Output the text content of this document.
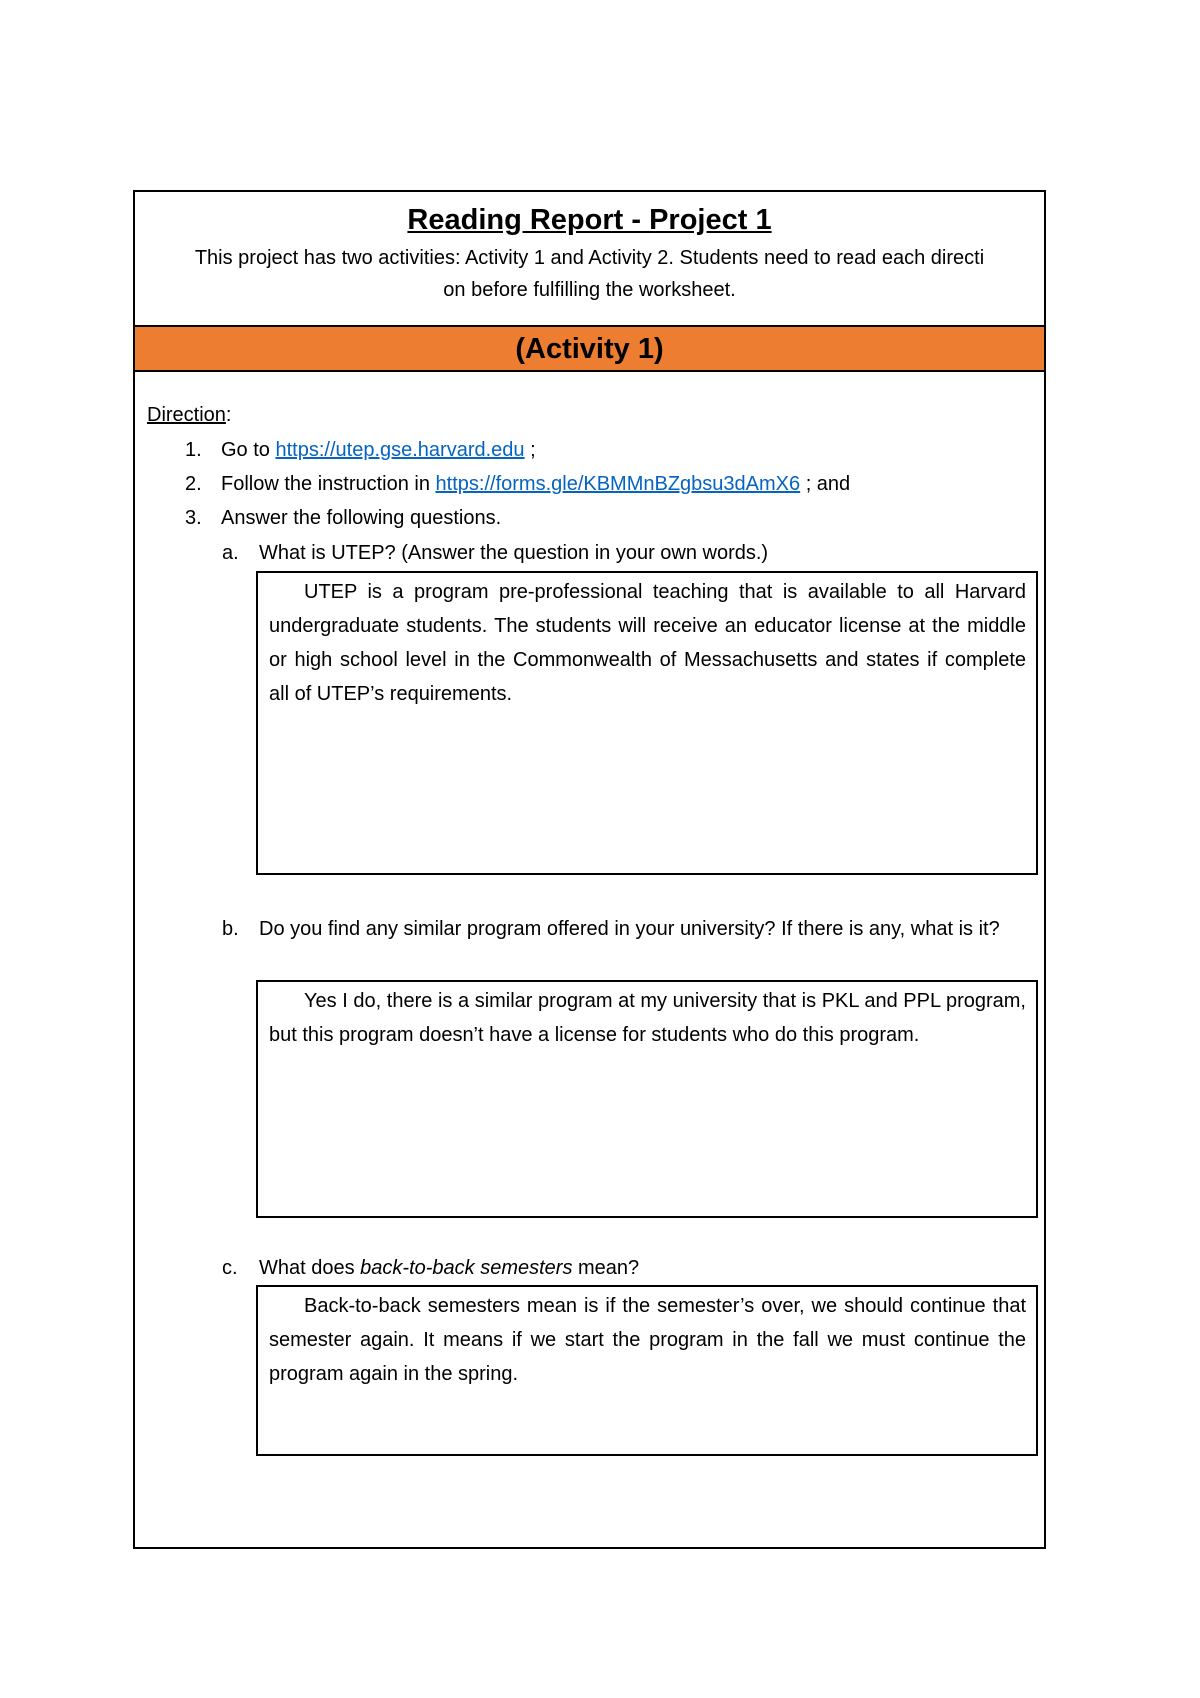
Reading Report - Project 1
This project has two activities: Activity 1 and Activity 2. Students need to read each directi
on before fulfilling the worksheet.
(Activity 1)
Direction:
1. Go to https://utep.gse.harvard.edu ;
2. Follow the instruction in https://forms.gle/KBMMnBZgbsu3dAmX6 ; and
3. Answer the following questions.
a. What is UTEP? (Answer the question in your own words.)
UTEP is a program pre-professional teaching that is available to all Harvard undergraduate students. The students will receive an educator license at the middle or high school level in the Commonwealth of Messachusetts and states if complete all of UTEP’s requirements.
b. Do you find any similar program offered in your university? If there is any, what is it?
Yes I do, there is a similar program at my university that is PKL and PPL program, but this program doesn’t have a license for students who do this program.
c. What does back-to-back semesters mean?
Back-to-back semesters mean is if the semester’s over, we should continue that semester again. It means if we start the program in the fall we must continue the program again in the spring.
